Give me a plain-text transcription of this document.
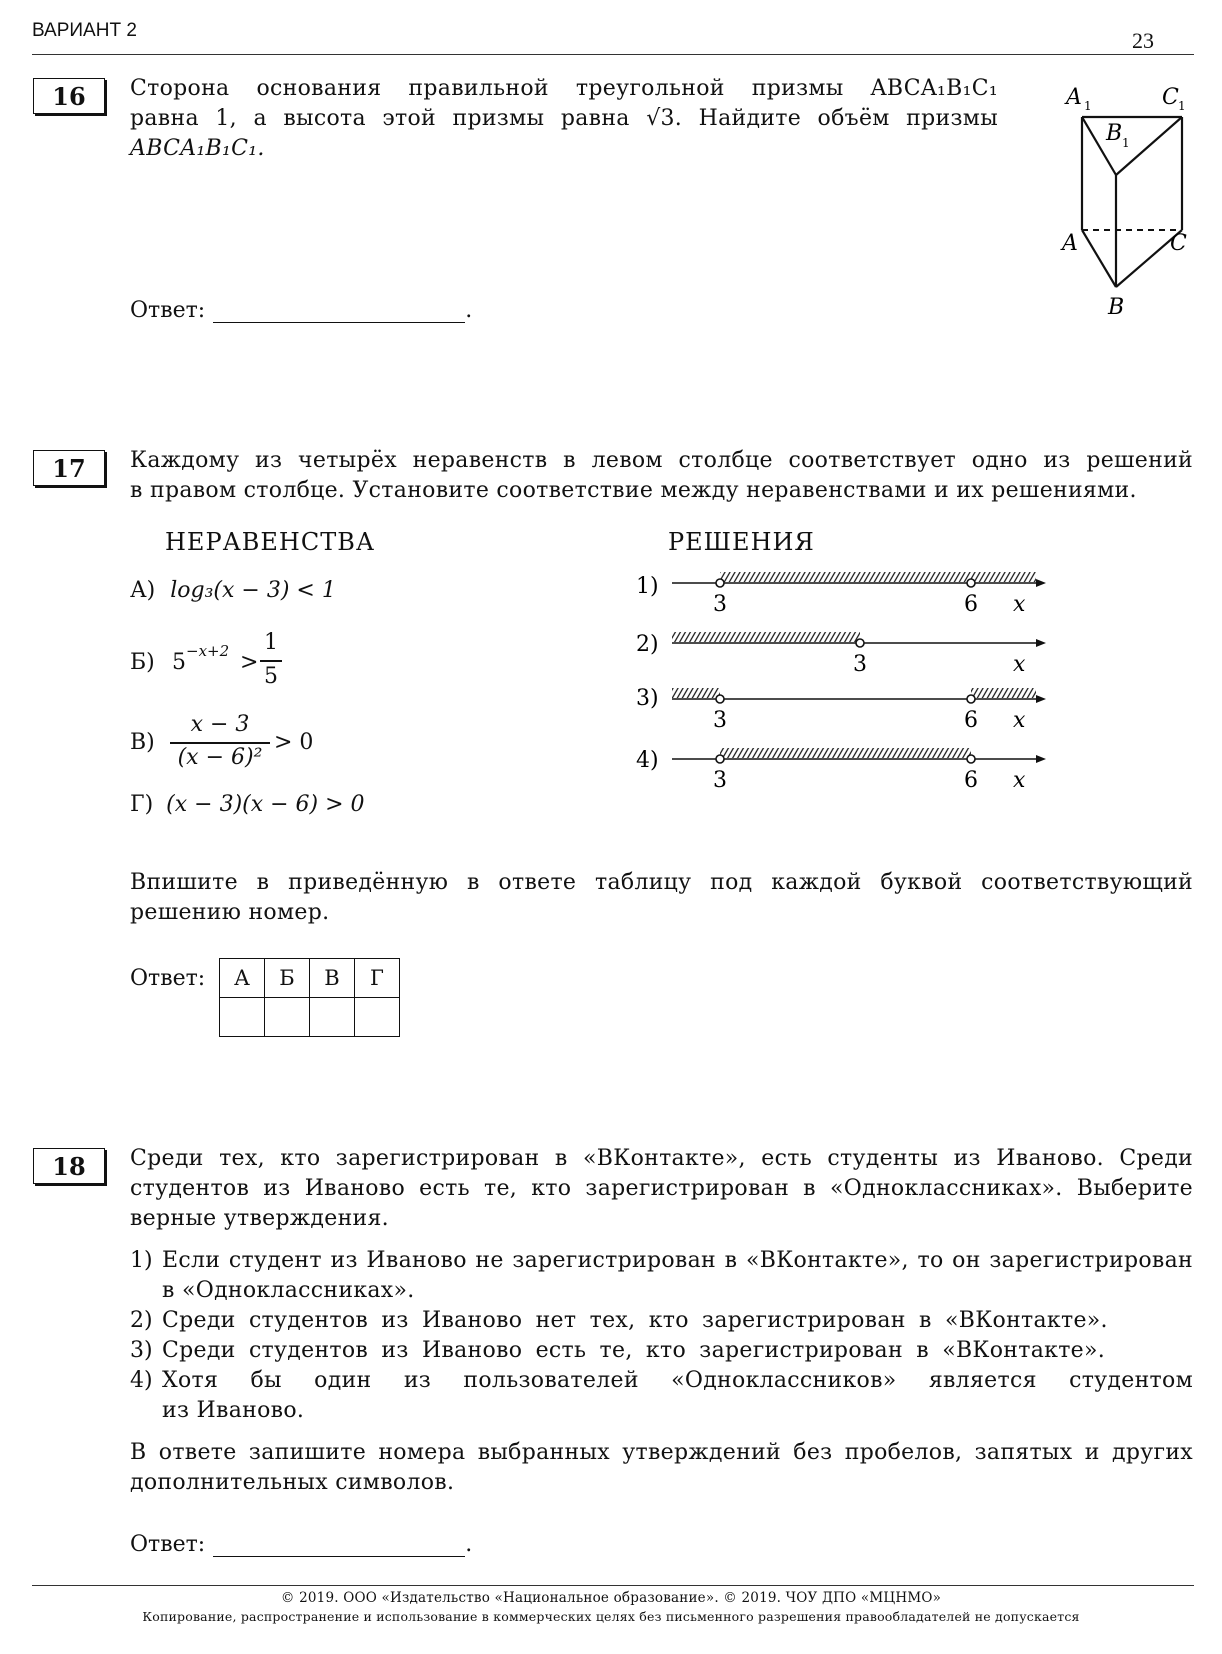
ВАРИАНТ 2	23
16	Сторона основания правильной треугольной призмы ABCA₁B₁C₁
равна 1, а высота этой призмы равна √3. Найдите объём призмы
ABCA₁B₁C₁.
Ответ:	.
A 1	C 1
B 1
A	C
B
17	Каждому из четырёх неравенств в левом столбце соответствует одно из решений
в правом столбце. Установите соответствие между неравенствами и их решениями.
НЕРАВЕНСТВА	РЕШЕНИЯ
А) log₃(x − 3) < 1
Б) 5 −x+2 >
1
5
В)
x − 3
(x − 6)²
> 0
Г) (x − 3)(x − 6) > 0
1)
3	6 x
2)
3	x
3)
3	6 x
4)
3	6 x
Впишите в приведённую в ответе таблицу под каждой буквой соответствующий
решению номер.
Ответ: А	Б	В	Г

18	Среди тех, кто зарегистрирован в «ВКонтакте», есть студенты из Иваново. Среди
студентов из Иваново есть те, кто зарегистрирован в «Одноклассниках». Выберите
верные утверждения.
1) Если студент из Иваново не зарегистрирован в «ВКонтакте», то он зарегистрирован
в «Одноклассниках».
2) Среди студентов из Иваново нет тех, кто зарегистрирован в «ВКонтакте».
3) Среди студентов из Иваново есть те, кто зарегистрирован в «ВКонтакте».
4) Хотя бы один из пользователей «Одноклассников» является студентом
из Иваново.
В ответе запишите номера выбранных утверждений без пробелов, запятых и других
дополнительных символов.
Ответ:	.
© 2019. ООО «Издательство «Национальное образование». © 2019. ЧОУ ДПО «МЦНМО»
Копирование, распространение и использование в коммерческих целях без письменного разрешения правообладателей не допускается
